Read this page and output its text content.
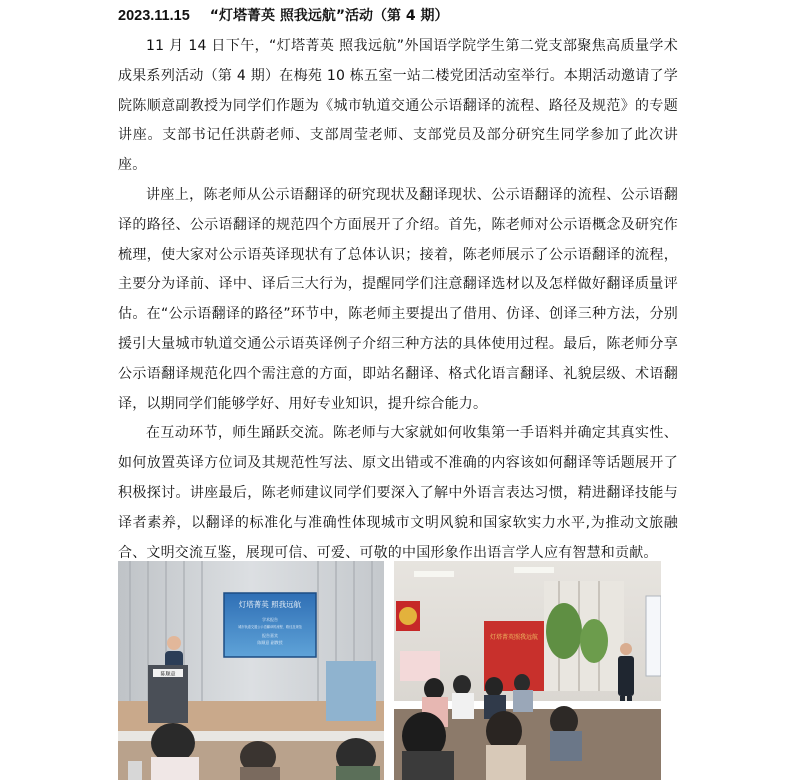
2023.11.15 “灯塔菁英 照我远航”活动（第 4 期）

11 月 14 日下午，“灯塔菁英 照我远航”外国语学院学生第二党支部聚焦高质量学术成果系列活动（第 4 期）在梅苑 10 栋五室一站二楼党团活动室举行。本期活动邀请了学院陈顺意副教授为同学们作题为《城市轨道交通公示语翻译的流程、路径及规范》的专题讲座。支部书记任洪蔚老师、支部周莹老师、支部党员及部分研究生同学参加了此次讲座。

讲座上，陈老师从公示语翻译的研究现状及翻译现状、公示语翻译的流程、公示语翻译的路径、公示语翻译的规范四个方面展开了介绍。首先，陈老师对公示语概念及研究作梳理，使大家对公示语英译现状有了总体认识；接着，陈老师展示了公示语翻译的流程，主要分为译前、译中、译后三大行为，提醒同学们注意翻译选材以及怎样做好翻译质量评估。在“公示语翻译的路径”环节中，陈老师主要提出了借用、仿译、创译三种方法，分别援引大量城市轨道交通公示语英译例子介绍三种方法的具体使用过程。最后，陈老师分享公示语翻译规范化四个需注意的方面，即站名翻译、格式化语言翻译、礼貌层级、术语翻译，以期同学们能够学好、用好专业知识，提升综合能力。

在互动环节，师生踊跃交流。陈老师与大家就如何收集第一手语料并确定其真实性、如何放置英译方位词及其规范性写法、原文出错或不准确的内容该如何翻译等话题展开了积极探讨。讲座最后，陈老师建议同学们要深入了解中外语言表达习惯，精进翻译技能与译者素养，以翻译的标准化与准确性体现城市文明风貌和国家软实力水平,为推动文旅融合、文明交流互鉴，展现可信、可爱、可敬的中国形象作出语言学人应有智慧和贡献。

灯塔菁英 照我远航
学术报告
城市轨道交通公示语翻译的流程、路径及规范
报告嘉宾
陈顺意 副教授
陈顺意
灯塔菁英照我远航
